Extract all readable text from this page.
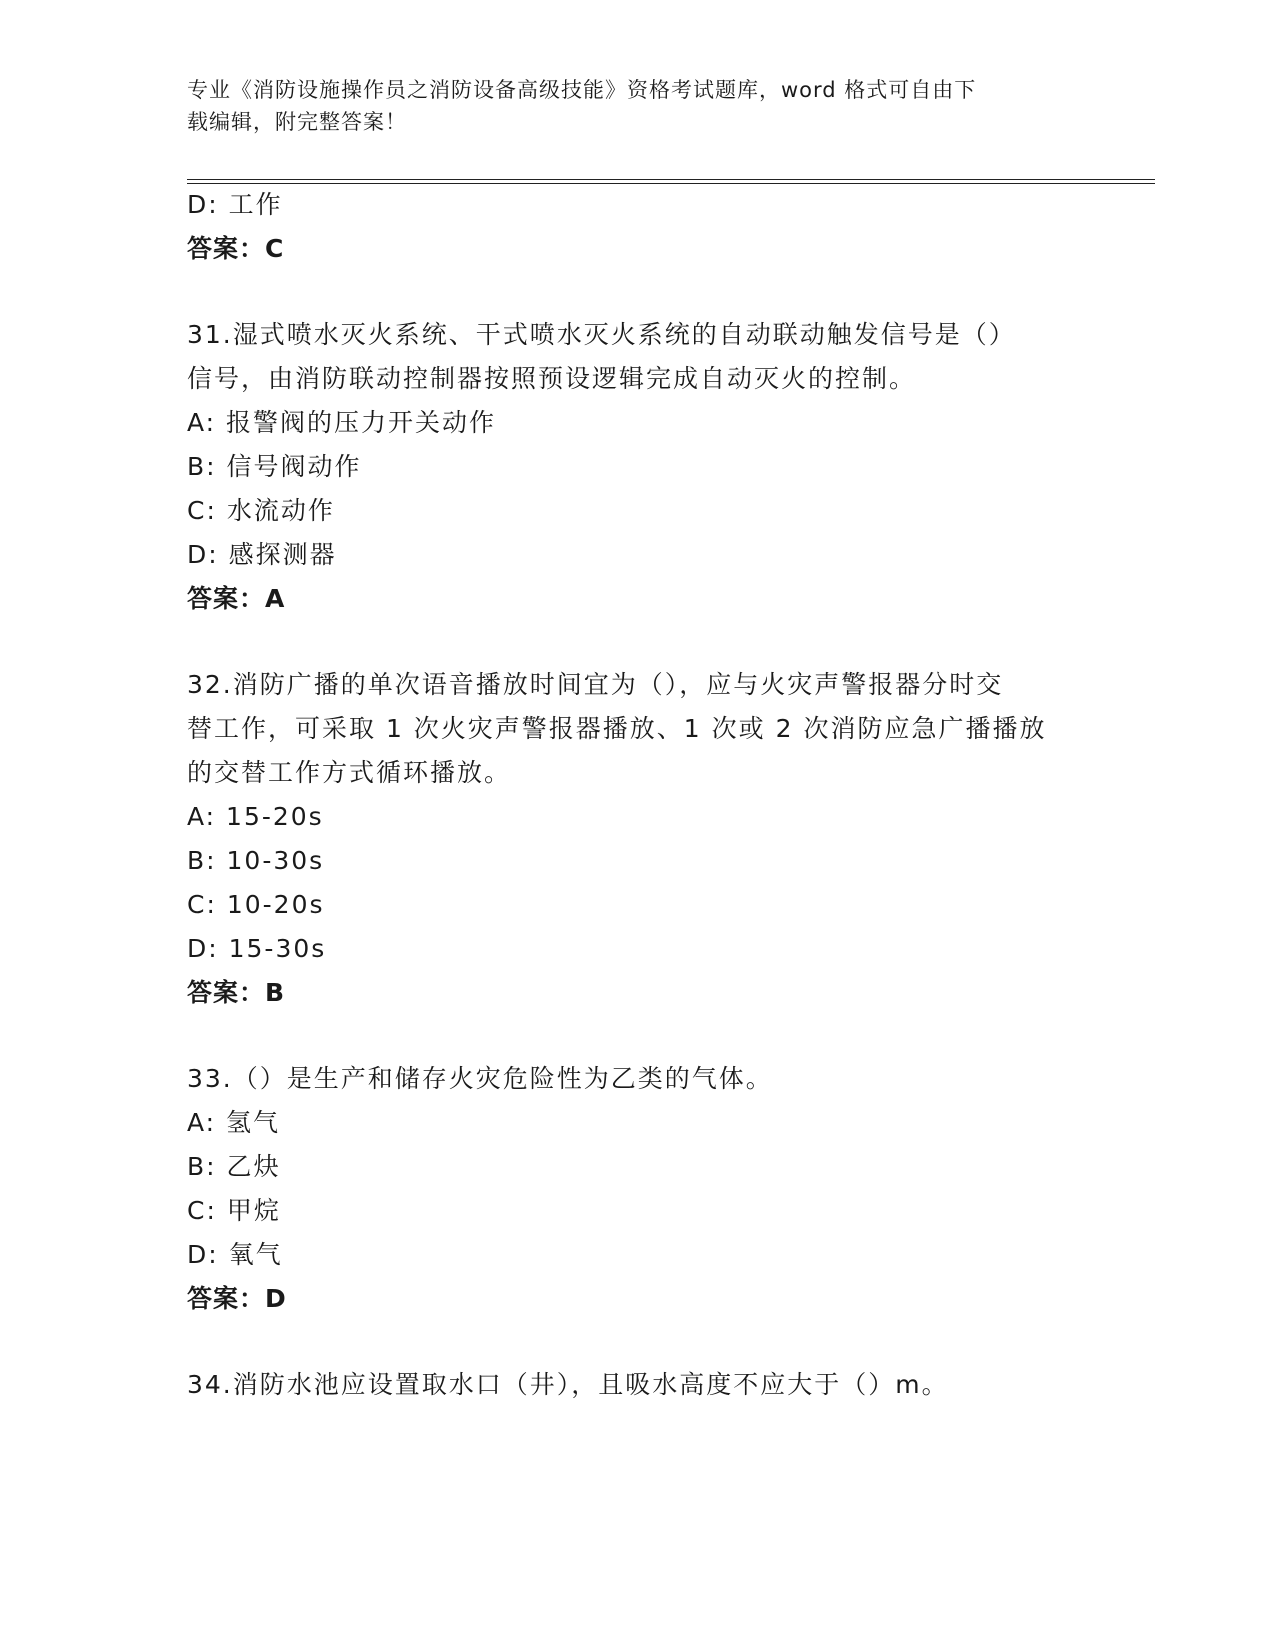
专业《消防设施操作员之消防设备高级技能》资格考试题库，word 格式可自由下
载编辑，附完整答案！
D: 工作
答案：C
31.湿式喷水灭火系统、干式喷水灭火系统的自动联动触发信号是（）
信号，由消防联动控制器按照预设逻辑完成自动灭火的控制。
A: 报警阀的压力开关动作
B: 信号阀动作
C: 水流动作
D: 感探测器
答案：A
32.消防广播的单次语音播放时间宜为（），应与火灾声警报器分时交
替工作，可采取 1 次火灾声警报器播放、1 次或 2 次消防应急广播播放
的交替工作方式循环播放。
A: 15-20s
B: 10-30s
C: 10-20s
D: 15-30s
答案：B
33.（）是生产和储存火灾危险性为乙类的气体。
A: 氢气
B: 乙炔
C: 甲烷
D: 氧气
答案：D
34.消防水池应设置取水口（井），且吸水高度不应大于（）m。
